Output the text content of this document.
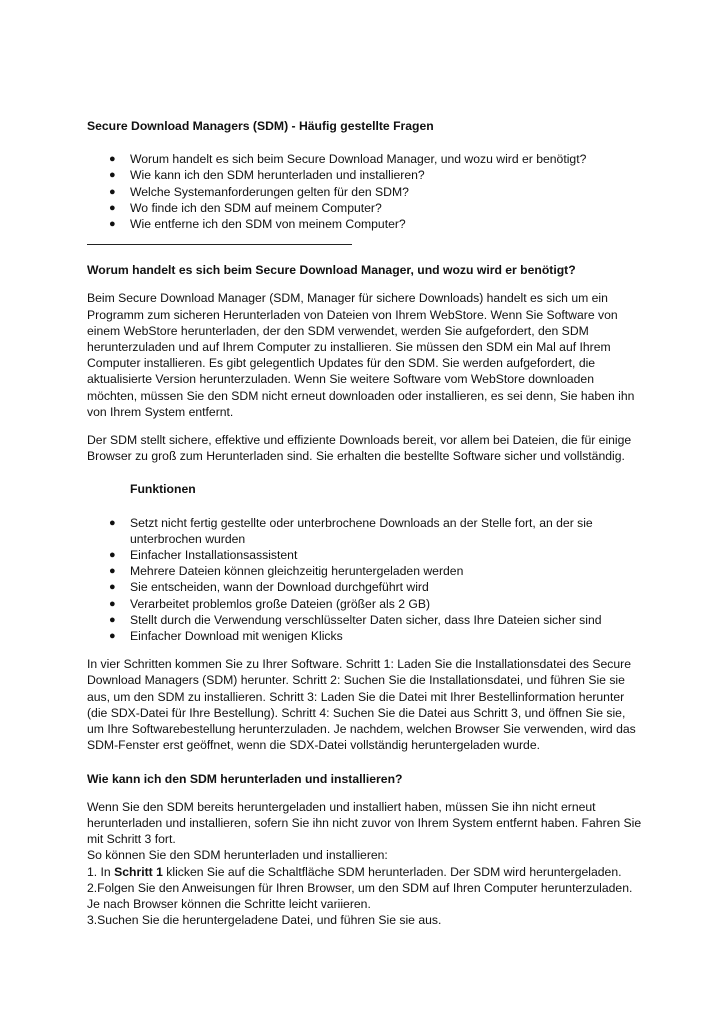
Secure Download Managers (SDM) - Häufig gestellte Fragen

● Worum handelt es sich beim Secure Download Manager, und wozu wird er benötigt?
● Wie kann ich den SDM herunterladen und installieren?
● Welche Systemanforderungen gelten für den SDM?
● Wo finde ich den SDM auf meinem Computer?
● Wie entferne ich den SDM von meinem Computer?

Worum handelt es sich beim Secure Download Manager, und wozu wird er benötigt?

Beim Secure Download Manager (SDM, Manager für sichere Downloads) handelt es sich um ein Programm zum sicheren Herunterladen von Dateien von Ihrem WebStore. Wenn Sie Software von einem WebStore herunterladen, der den SDM verwendet, werden Sie aufgefordert, den SDM herunterzuladen und auf Ihrem Computer zu installieren. Sie müssen den SDM ein Mal auf Ihrem Computer installieren. Es gibt gelegentlich Updates für den SDM. Sie werden aufgefordert, die aktualisierte Version herunterzuladen. Wenn Sie weitere Software vom WebStore downloaden möchten, müssen Sie den SDM nicht erneut downloaden oder installieren, es sei denn, Sie haben ihn von Ihrem System entfernt.

Der SDM stellt sichere, effektive und effiziente Downloads bereit, vor allem bei Dateien, die für einige Browser zu groß zum Herunterladen sind. Sie erhalten die bestellte Software sicher und vollständig.

Funktionen

● Setzt nicht fertig gestellte oder unterbrochene Downloads an der Stelle fort, an der sie unterbrochen wurden
● Einfacher Installationsassistent
● Mehrere Dateien können gleichzeitig heruntergeladen werden
● Sie entscheiden, wann der Download durchgeführt wird
● Verarbeitet problemlos große Dateien (größer als 2 GB)
● Stellt durch die Verwendung verschlüsselter Daten sicher, dass Ihre Dateien sicher sind
● Einfacher Download mit wenigen Klicks

In vier Schritten kommen Sie zu Ihrer Software. Schritt 1: Laden Sie die Installationsdatei des Secure Download Managers (SDM) herunter. Schritt 2: Suchen Sie die Installationsdatei, und führen Sie sie aus, um den SDM zu installieren. Schritt 3: Laden Sie die Datei mit Ihrer Bestellinformation herunter (die SDX-Datei für Ihre Bestellung). Schritt 4: Suchen Sie die Datei aus Schritt 3, und öffnen Sie sie, um Ihre Softwarebestellung herunterzuladen. Je nachdem, welchen Browser Sie verwenden, wird das SDM-Fenster erst geöffnet, wenn die SDX-Datei vollständig heruntergeladen wurde.

Wie kann ich den SDM herunterladen und installieren?

Wenn Sie den SDM bereits heruntergeladen und installiert haben, müssen Sie ihn nicht erneut herunterladen und installieren, sofern Sie ihn nicht zuvor von Ihrem System entfernt haben. Fahren Sie mit Schritt 3 fort.

So können Sie den SDM herunterladen und installieren:

1. In Schritt 1 klicken Sie auf die Schaltfläche SDM herunterladen. Der SDM wird heruntergeladen.

2.Folgen Sie den Anweisungen für Ihren Browser, um den SDM auf Ihren Computer herunterzuladen. Je nach Browser können die Schritte leicht variieren.

3.Suchen Sie die heruntergeladene Datei, und führen Sie sie aus.
